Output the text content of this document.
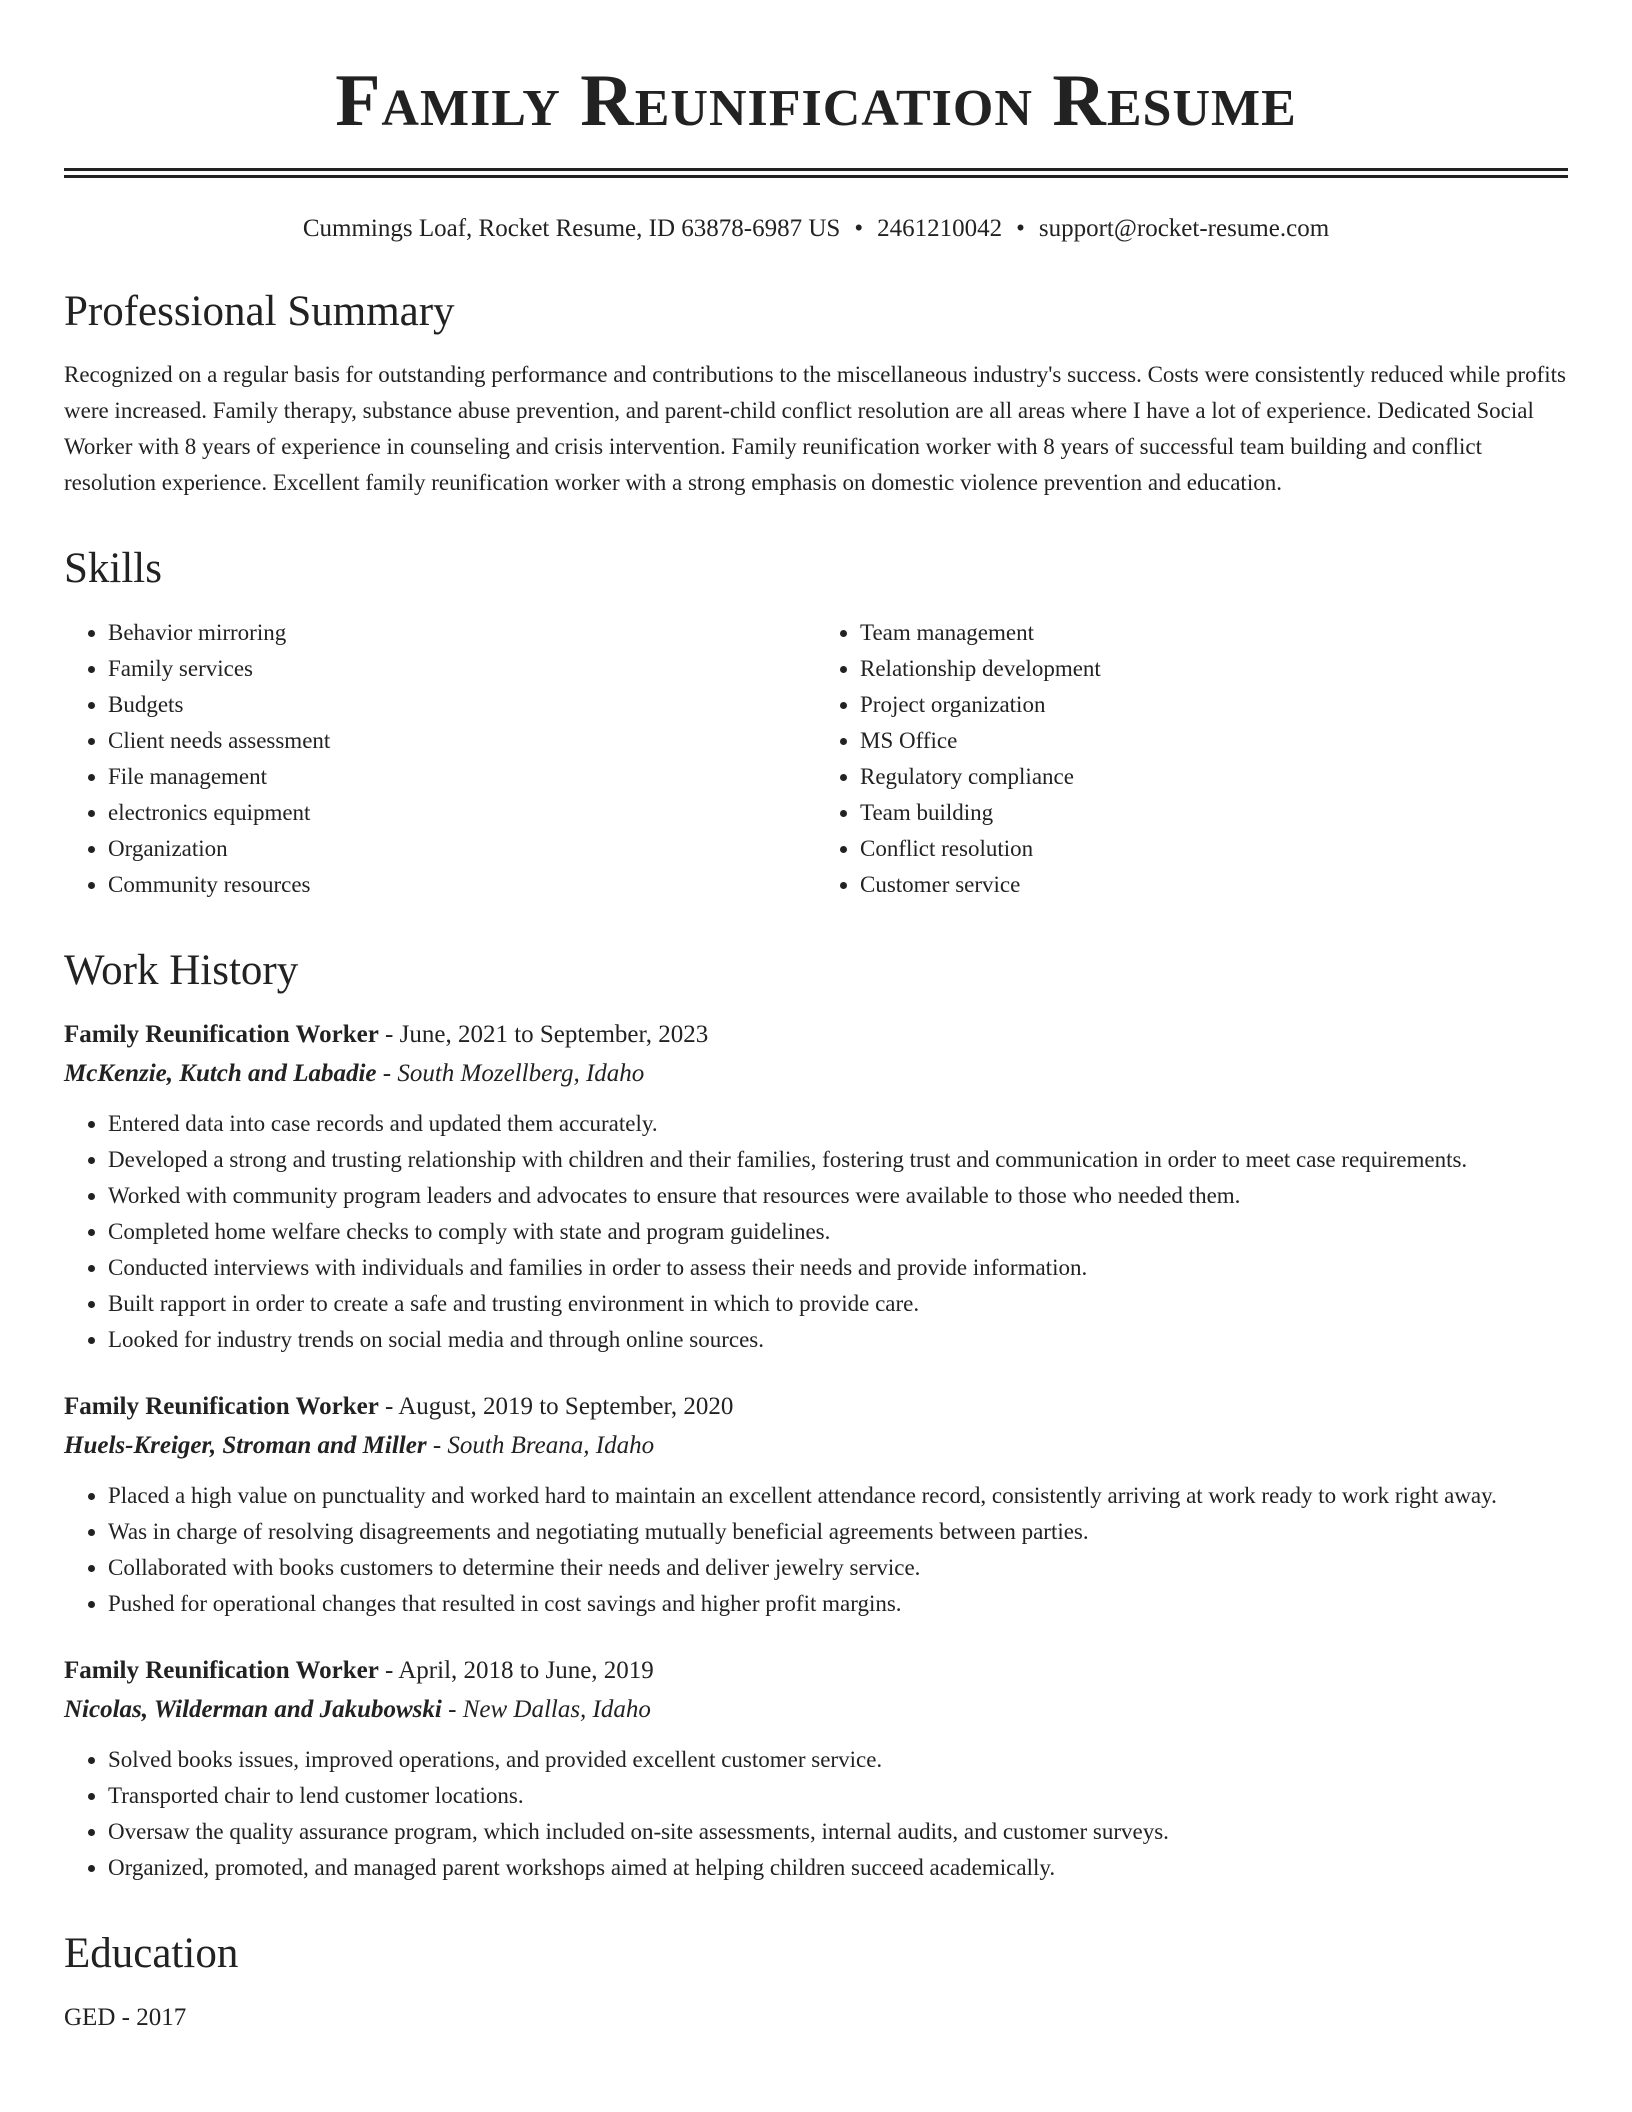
Family Reunification Resume
Cummings Loaf, Rocket Resume, ID 63878-6987 US • 2461210042 • support@rocket-resume.com
Professional Summary

Recognized on a regular basis for outstanding performance and contributions to the miscellaneous industry's success. Costs were consistently reduced while profits were increased. Family therapy, substance abuse prevention, and parent-child conflict resolution are all areas where I have a lot of experience. Dedicated Social Worker with 8 years of experience in counseling and crisis intervention. Family reunification worker with 8 years of successful team building and conflict resolution experience. Excellent family reunification worker with a strong emphasis on domestic violence prevention and education.

Skills
• Behavior mirroring
• Family services
• Budgets
• Client needs assessment
• File management
• electronics equipment
• Organization
• Community resources
• Team management
• Relationship development
• Project organization
• MS Office
• Regulatory compliance
• Team building
• Conflict resolution
• Customer service
Work History
Family Reunification Worker - June, 2021 to September, 2023
McKenzie, Kutch and Labadie - South Mozellberg, Idaho
• Entered data into case records and updated them accurately.
• Developed a strong and trusting relationship with children and their families, fostering trust and communication in order to meet case requirements.
• Worked with community program leaders and advocates to ensure that resources were available to those who needed them.
• Completed home welfare checks to comply with state and program guidelines.
• Conducted interviews with individuals and families in order to assess their needs and provide information.
• Built rapport in order to create a safe and trusting environment in which to provide care.
• Looked for industry trends on social media and through online sources.
Family Reunification Worker - August, 2019 to September, 2020
Huels-Kreiger, Stroman and Miller - South Breana, Idaho
• Placed a high value on punctuality and worked hard to maintain an excellent attendance record, consistently arriving at work ready to work right away.
• Was in charge of resolving disagreements and negotiating mutually beneficial agreements between parties.
• Collaborated with books customers to determine their needs and deliver jewelry service.
• Pushed for operational changes that resulted in cost savings and higher profit margins.
Family Reunification Worker - April, 2018 to June, 2019
Nicolas, Wilderman and Jakubowski - New Dallas, Idaho
• Solved books issues, improved operations, and provided excellent customer service.
• Transported chair to lend customer locations.
• Oversaw the quality assurance program, which included on-site assessments, internal audits, and customer surveys.
• Organized, promoted, and managed parent workshops aimed at helping children succeed academically.
Education
GED - 2017
